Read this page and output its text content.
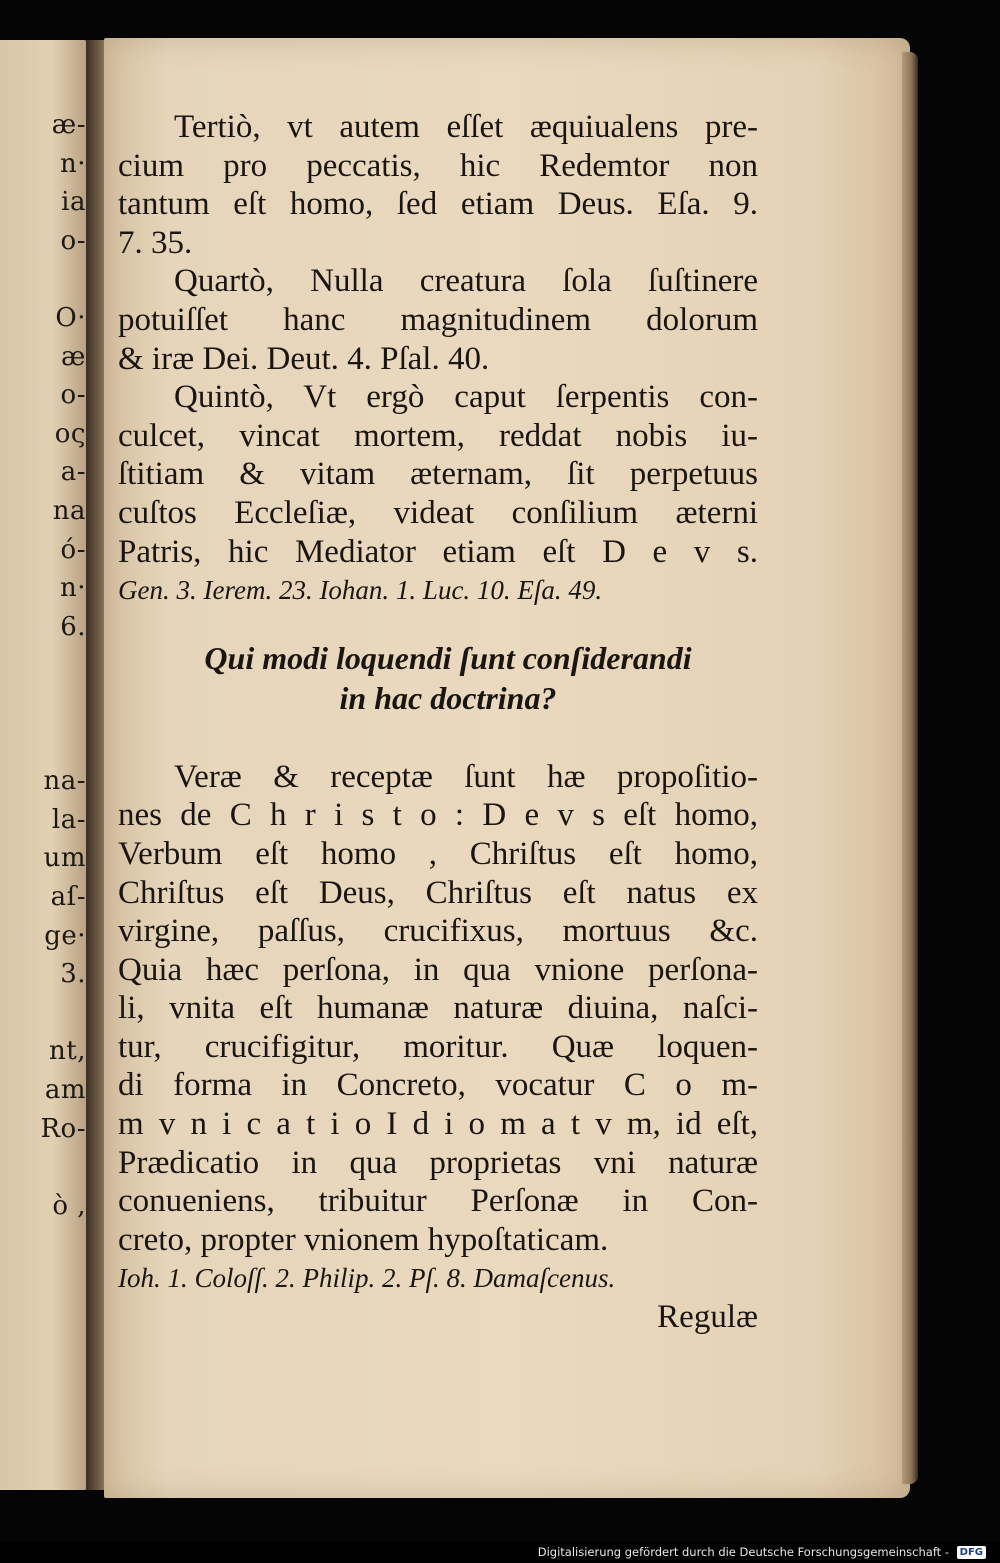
æ-
n·
ia
o-
O·
æ
o-
ος
a-
na
ó-
n·
6.
na-
la-
um
aſ-
ge·
3.
nt,
am
Ro-
ò ,
Tertiò, vt autem eſſet æquiualens pre-
cium pro peccatis, hic Redemtor non
tantum eſt homo, ſed etiam Deus. Eſa. 9.
7. 35.
Quartò, Nulla creatura ſola ſuſtinere
potuiſſet hanc magnitudinem dolorum
& iræ Dei. Deut. 4. Pſal. 40.
Quintò, Vt ergò caput ſerpentis con-
culcet, vincat mortem, reddat nobis iu-
ſtitiam & vitam æternam, ſit perpetuus
cuſtos Eccleſiæ, videat conſilium æterni
Patris, hic Mediator etiam eſt D e v s.
Gen. 3. Ierem. 23. Iohan. 1. Luc. 10. Eſa. 49.
Qui modi loquendi ſunt conſiderandi
in hac doctrina?
Veræ & receptæ ſunt hæ propoſitio-
nes de C h r i s t o : D e v s eſt homo,
Verbum eſt homo , Chriſtus eſt homo,
Chriſtus eſt Deus, Chriſtus eſt natus ex
virgine, paſſus, crucifixus, mortuus &c.
Quia hæc perſona, in qua vnione perſona-
li, vnita eſt humanæ naturæ diuina, naſci-
tur, crucifigitur, moritur. Quæ loquen-
di forma in Concreto, vocatur C o m-
m v n i c a t i o I d i o m a t v m, id eſt,
Prædicatio in qua proprietas vni naturæ
conueniens, tribuitur Perſonæ in Con-
creto, propter vnionem hypoſtaticam.
Ioh. 1. Coloſſ. 2. Philip. 2. Pſ. 8. Damaſcenus.
Regulæ
Digitalisierung gefördert durch die Deutsche Forschungsgemeinschaft - DFG
